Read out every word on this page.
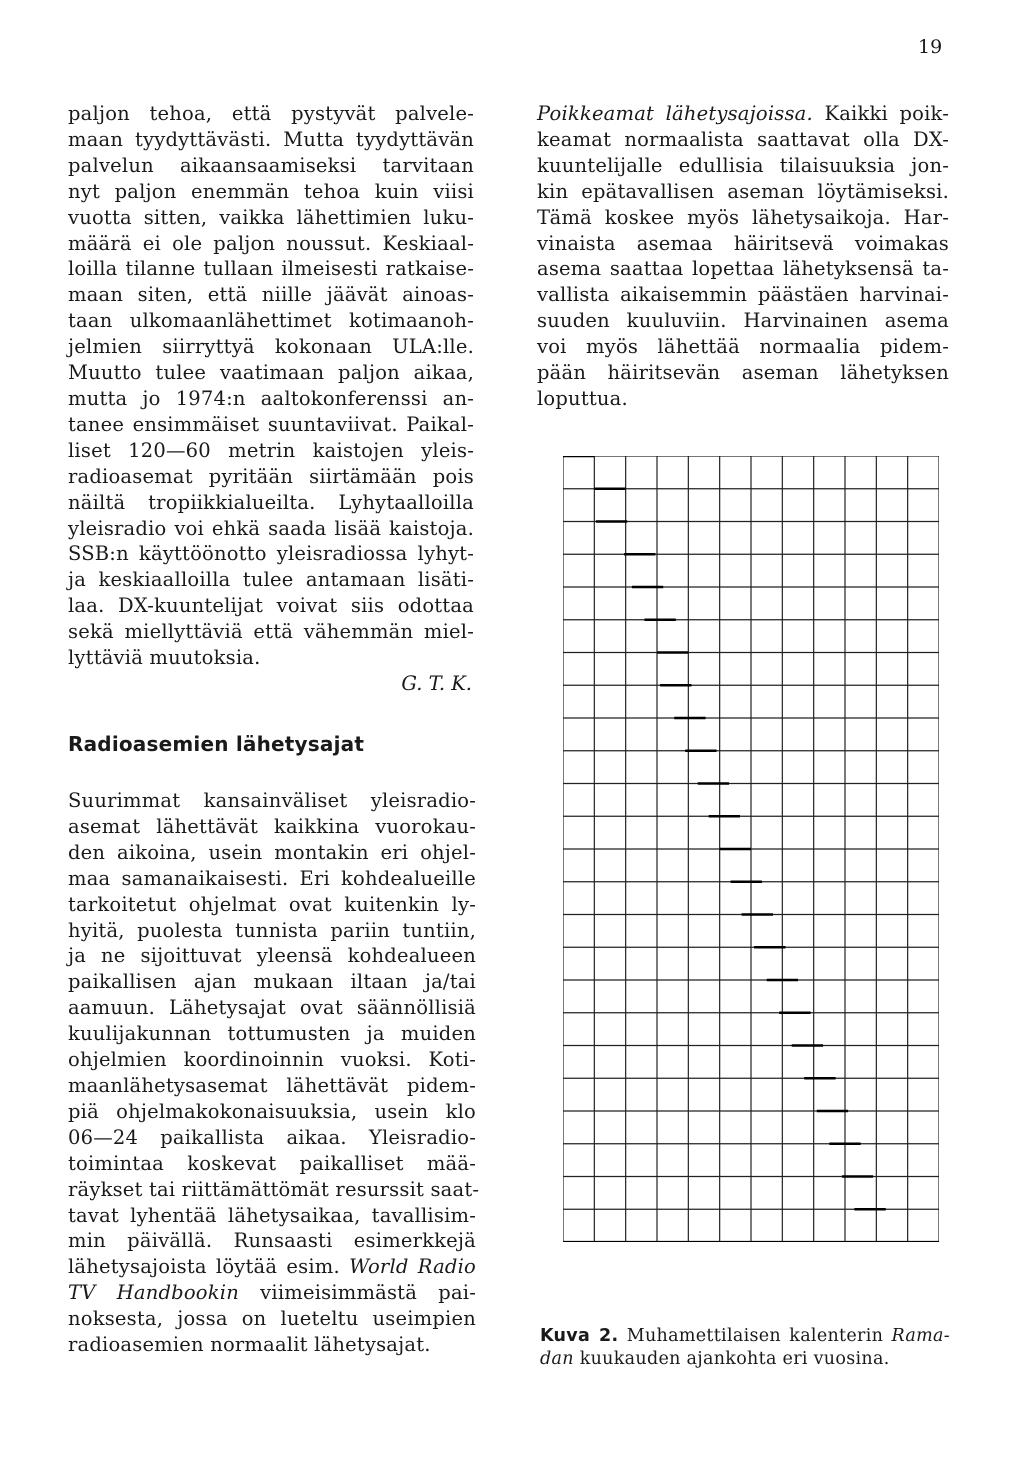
19
paljon tehoa, että pystyvät palvele-
maan tyydyttävästi. Mutta tyydyttävän
palvelun aikaansaamiseksi tarvitaan
nyt paljon enemmän tehoa kuin viisi
vuotta sitten, vaikka lähettimien luku-
määrä ei ole paljon noussut. Keskiaal-
loilla tilanne tullaan ilmeisesti ratkaise-
maan siten, että niille jäävät ainoas-
taan ulkomaanlähettimet kotimaanoh-
jelmien siirryttyä kokonaan ULA:lle.
Muutto tulee vaatimaan paljon aikaa,
mutta jo 1974:n aaltokonferenssi an-
tanee ensimmäiset suuntaviivat. Paikal-
liset 120—60 metrin kaistojen yleis-
radioasemat pyritään siirtämään pois
näiltä tropiikkialueilta. Lyhytaalloilla
yleisradio voi ehkä saada lisää kaistoja.
SSB:n käyttöönotto yleisradiossa lyhyt-
ja keskiaalloilla tulee antamaan lisäti-
laa. DX-kuuntelijat voivat siis odottaa
sekä miellyttäviä että vähemmän miel-
lyttäviä muutoksia.
G. T. K.
Radioasemien lähetysajat
Suurimmat kansainväliset yleisradio-
asemat lähettävät kaikkina vuorokau-
den aikoina, usein montakin eri ohjel-
maa samanaikaisesti. Eri kohdealueille
tarkoitetut ohjelmat ovat kuitenkin ly-
hyitä, puolesta tunnista pariin tuntiin,
ja ne sijoittuvat yleensä kohdealueen
paikallisen ajan mukaan iltaan ja/tai
aamuun. Lähetysajat ovat säännöllisiä
kuulijakunnan tottumusten ja muiden
ohjelmien koordinoinnin vuoksi. Koti-
maanlähetysasemat lähettävät pidem-
piä ohjelmakokonaisuuksia, usein klo
06—24 paikallista aikaa. Yleisradio-
toimintaa koskevat paikalliset mää-
räykset tai riittämättömät resurssit saat-
tavat lyhentää lähetysaikaa, tavallisim-
min päivällä. Runsaasti esimerkkejä
lähetysajoista löytää esim. World Radio
TV Handbookin viimeisimmästä pai-
noksesta, jossa on lueteltu useimpien
radioasemien normaalit lähetysajat.
Poikkeamat lähetysajoissa. Kaikki poik-
keamat normaalista saattavat olla DX-
kuuntelijalle edullisia tilaisuuksia jon-
kin epätavallisen aseman löytämiseksi.
Tämä koskee myös lähetysaikoja. Har-
vinaista asemaa häiritsevä voimakas
asema saattaa lopettaa lähetyksensä ta-
vallista aikaisemmin päästäen harvinai-
suuden kuuluviin. Harvinainen asema
voi myös lähettää normaalia pidem-
pään häiritsevän aseman lähetyksen
loputtua.
Kuva 2. Muhamettilaisen kalenterin Rama-
dan kuukauden ajankohta eri vuosina.
